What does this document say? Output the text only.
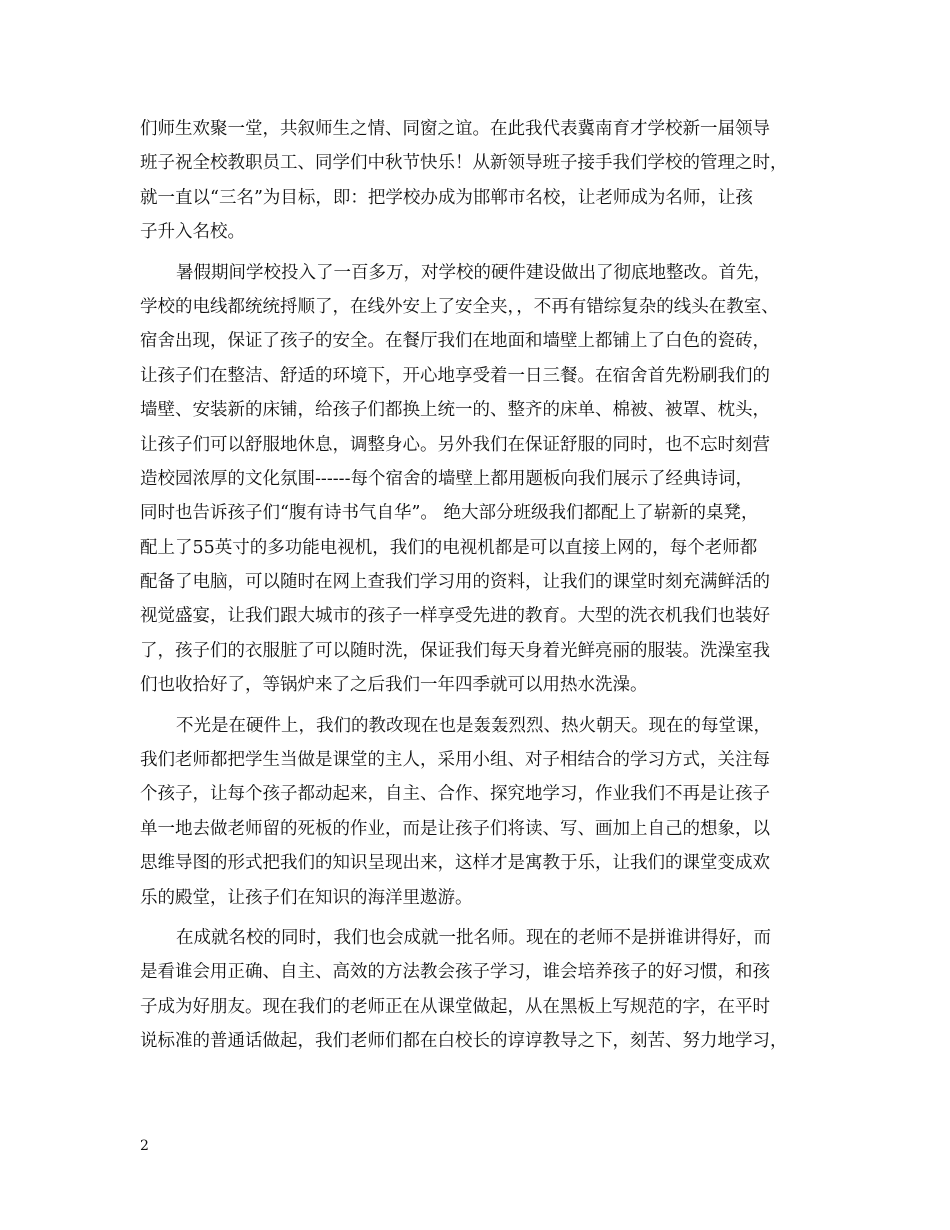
们师生欢聚一堂，共叙师生之情、同窗之谊。在此我代表冀南育才学校新一届领导
班子祝全校教职员工、同学们中秋节快乐！从新领导班子接手我们学校的管理之时，
就一直以“三名”为目标，即：把学校办成为邯郸市名校，让老师成为名师，让孩
子升入名校。
暑假期间学校投入了一百多万，对学校的硬件建设做出了彻底地整改。首先，
学校的电线都统统捋顺了，在线外安上了安全夹，，不再有错综复杂的线头在教室、
宿舍出现，保证了孩子的安全。在餐厅我们在地面和墙壁上都铺上了白色的瓷砖，
让孩子们在整洁、舒适的环境下，开心地享受着一日三餐。在宿舍首先粉刷我们的
墙壁、安装新的床铺，给孩子们都换上统一的、整齐的床单、棉被、被罩、枕头，
让孩子们可以舒服地休息，调整身心。另外我们在保证舒服的同时，也不忘时刻营
造校园浓厚的文化氛围------每个宿舍的墙壁上都用题板向我们展示了经典诗词，
同时也告诉孩子们“腹有诗书气自华”。 绝大部分班级我们都配上了崭新的桌凳，
配上了55英寸的多功能电视机，我们的电视机都是可以直接上网的，每个老师都
配备了电脑，可以随时在网上查我们学习用的资料，让我们的课堂时刻充满鲜活的
视觉盛宴，让我们跟大城市的孩子一样享受先进的教育。大型的洗衣机我们也装好
了，孩子们的衣服脏了可以随时洗，保证我们每天身着光鲜亮丽的服装。洗澡室我
们也收拾好了，等锅炉来了之后我们一年四季就可以用热水洗澡。
不光是在硬件上，我们的教改现在也是轰轰烈烈、热火朝天。现在的每堂课，
我们老师都把学生当做是课堂的主人，采用小组、对子相结合的学习方式，关注每
个孩子，让每个孩子都动起来，自主、合作、探究地学习，作业我们不再是让孩子
单一地去做老师留的死板的作业，而是让孩子们将读、写、画加上自己的想象，以
思维导图的形式把我们的知识呈现出来，这样才是寓教于乐，让我们的课堂变成欢
乐的殿堂，让孩子们在知识的海洋里遨游。
在成就名校的同时，我们也会成就一批名师。现在的老师不是拼谁讲得好，而
是看谁会用正确、自主、高效的方法教会孩子学习，谁会培养孩子的好习惯，和孩
子成为好朋友。现在我们的老师正在从课堂做起，从在黑板上写规范的字，在平时
说标准的普通话做起，我们老师们都在白校长的谆谆教导之下，刻苦、努力地学习，
2
